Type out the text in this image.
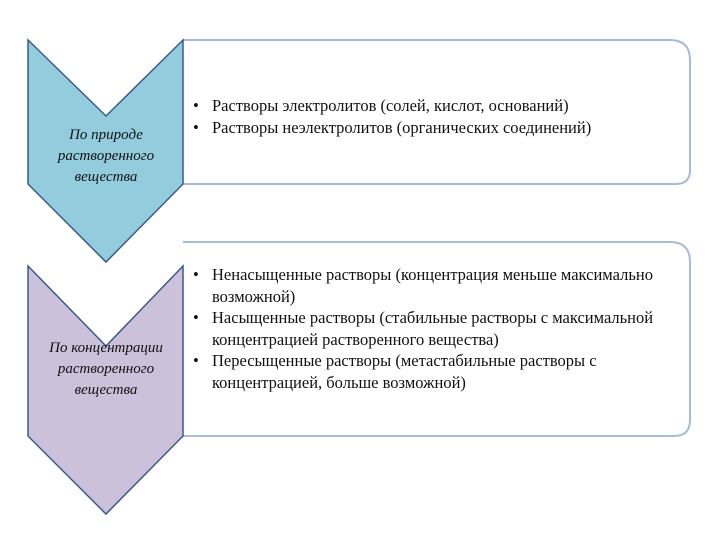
По природе растворенного вещества
• Растворы электролитов (солей, кислот, оснований)
• Растворы неэлектролитов (органических соединений)
По концентрации растворенного вещества
• Ненасыщенные растворы (концентрация меньше максимально возможной)
• Насыщенные растворы (стабильные растворы с максимальной концентрацией растворенного вещества)
• Пересыщенные растворы (метастабильные растворы с концентрацией, больше возможной)
